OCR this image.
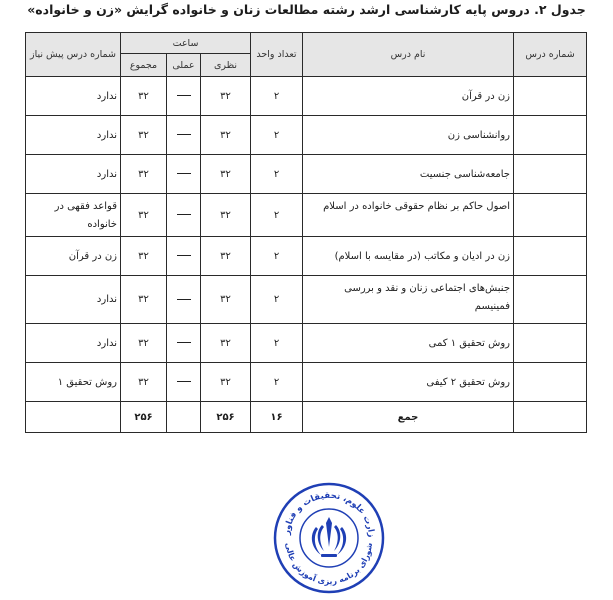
جدول ۲. دروس پایه کارشناسی ارشد رشته مطالعات زنان و خانواده گرایش «زن و خانواده»
شماره درس	نام درس	تعداد واحد	ساعت			شماره درس پیش نیاز
			نظری	عملی	مجموع	
	زن در قرآن	۲	۳۲		۳۲	ندارد
	روانشناسی زن	۲	۳۲		۳۲	ندارد
	جامعه‌شناسی جنسیت	۲	۳۲		۳۲	ندارد
	اصول حاکم بر نظام حقوقی خانواده در اسلام	۲	۳۲		۳۲	قواعد فقهی در خانواده
	زن در ادیان و مکاتب (در مقایسه با اسلام)	۲	۳۲		۳۲	زن در قرآن
	جنبش‌های اجتماعی زنان و نقد و بررسی فمینیسم	۲	۳۲		۳۲	ندارد
	روش تحقیق ۱ کمی	۲	۳۲		۳۲	ندارد
	روش تحقیق ۲ کیفی	۲	۳۲		۳۲	روش تحقیق ۱
	جمع	۱۶	۲۵۶		۲۵۶	
زارت علوم، تحقیقات و فناور
شورای برنامه ریزی آموزش عالی
